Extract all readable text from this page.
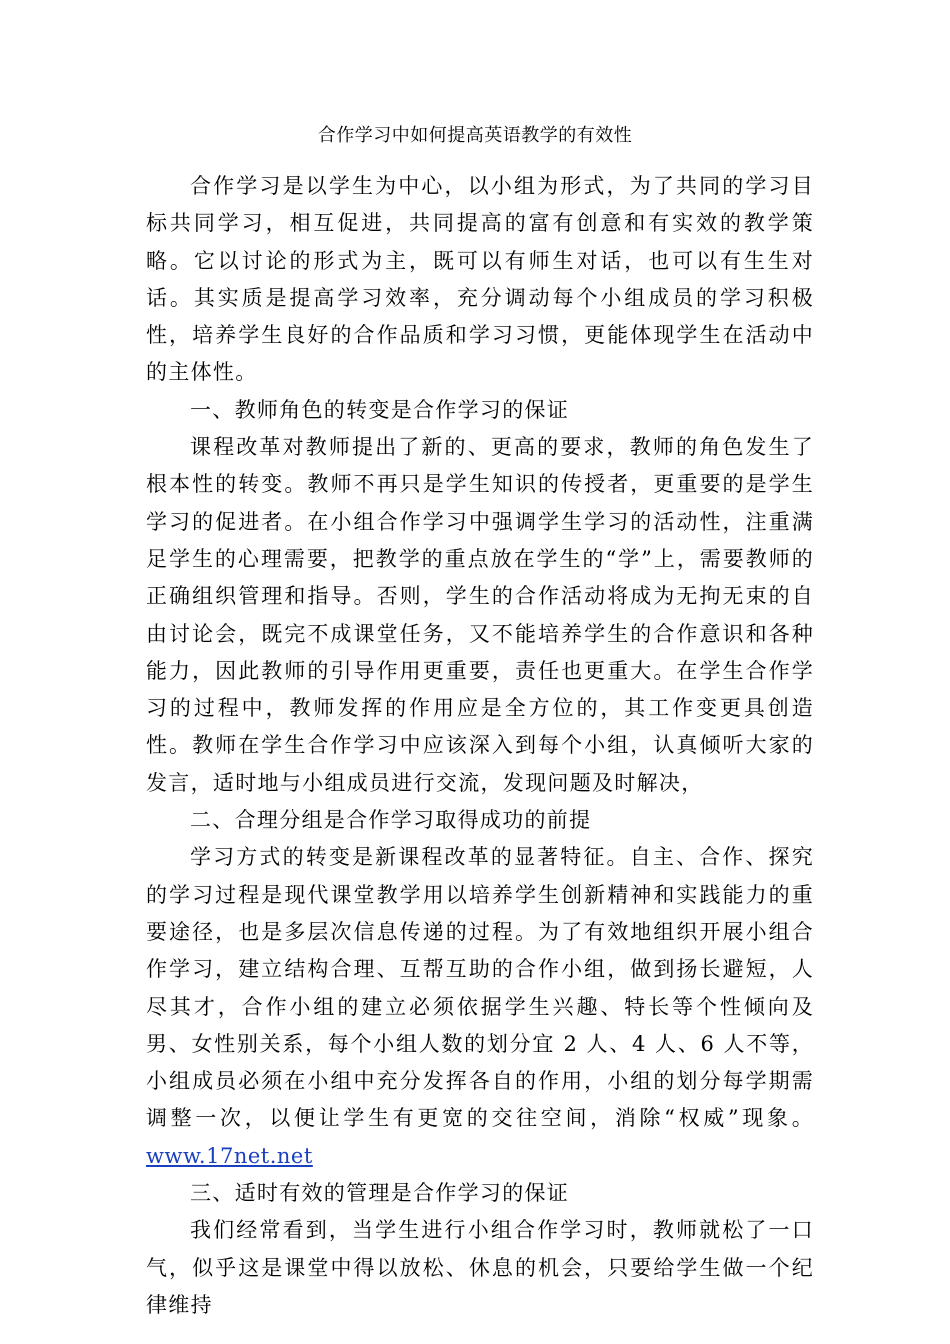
合作学习中如何提高英语教学的有效性

合作学习是以学生为中心，以小组为形式，为了共同的学习目标共同学习，相互促进，共同提高的富有创意和有实效的教学策略。它以讨论的形式为主，既可以有师生对话，也可以有生生对话。其实质是提高学习效率，充分调动每个小组成员的学习积极性，培养学生良好的合作品质和学习习惯，更能体现学生在活动中的主体性。

一、教师角色的转变是合作学习的保证

课程改革对教师提出了新的、更高的要求，教师的角色发生了根本性的转变。教师不再只是学生知识的传授者，更重要的是学生学习的促进者。在小组合作学习中强调学生学习的活动性，注重满足学生的心理需要，把教学的重点放在学生的“学”上，需要教师的正确组织管理和指导。否则，学生的合作活动将成为无拘无束的自由讨论会，既完不成课堂任务，又不能培养学生的合作意识和各种能力，因此教师的引导作用更重要，责任也更重大。在学生合作学习的过程中，教师发挥的作用应是全方位的，其工作变更具创造性。教师在学生合作学习中应该深入到每个小组，认真倾听大家的发言，适时地与小组成员进行交流，发现问题及时解决，

二、合理分组是合作学习取得成功的前提

学习方式的转变是新课程改革的显著特征。自主、合作、探究的学习过程是现代课堂教学用以培养学生创新精神和实践能力的重要途径，也是多层次信息传递的过程。为了有效地组织开展小组合作学习，建立结构合理、互帮互助的合作小组，做到扬长避短，人尽其才，合作小组的建立必须依据学生兴趣、特长等个性倾向及男、女性别关系，每个小组人数的划分宜 2 人、4 人、6 人不等，小组成员必须在小组中充分发挥各自的作用，小组的划分每学期需调整一次，以便让学生有更宽的交往空间，消除“权威”现象。www.17net.net

三、适时有效的管理是合作学习的保证

我们经常看到，当学生进行小组合作学习时，教师就松了一口气，似乎这是课堂中得以放松、休息的机会，只要给学生做一个纪律维持
